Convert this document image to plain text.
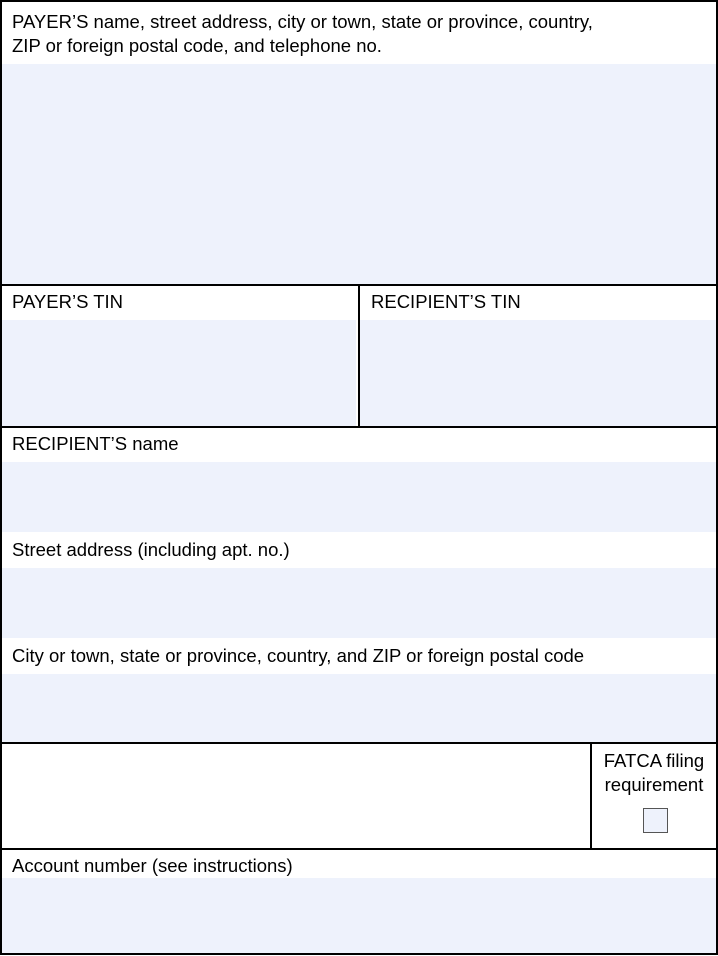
PAYER’S name, street address, city or town, state or province, country,
ZIP or foreign postal code, and telephone no.
PAYER’S TIN	RECIPIENT’S TIN
RECIPIENT’S name
Street address (including apt. no.)
City or town, state or province, country, and ZIP or foreign postal code
FATCA filing
requirement
Account number (see instructions)
